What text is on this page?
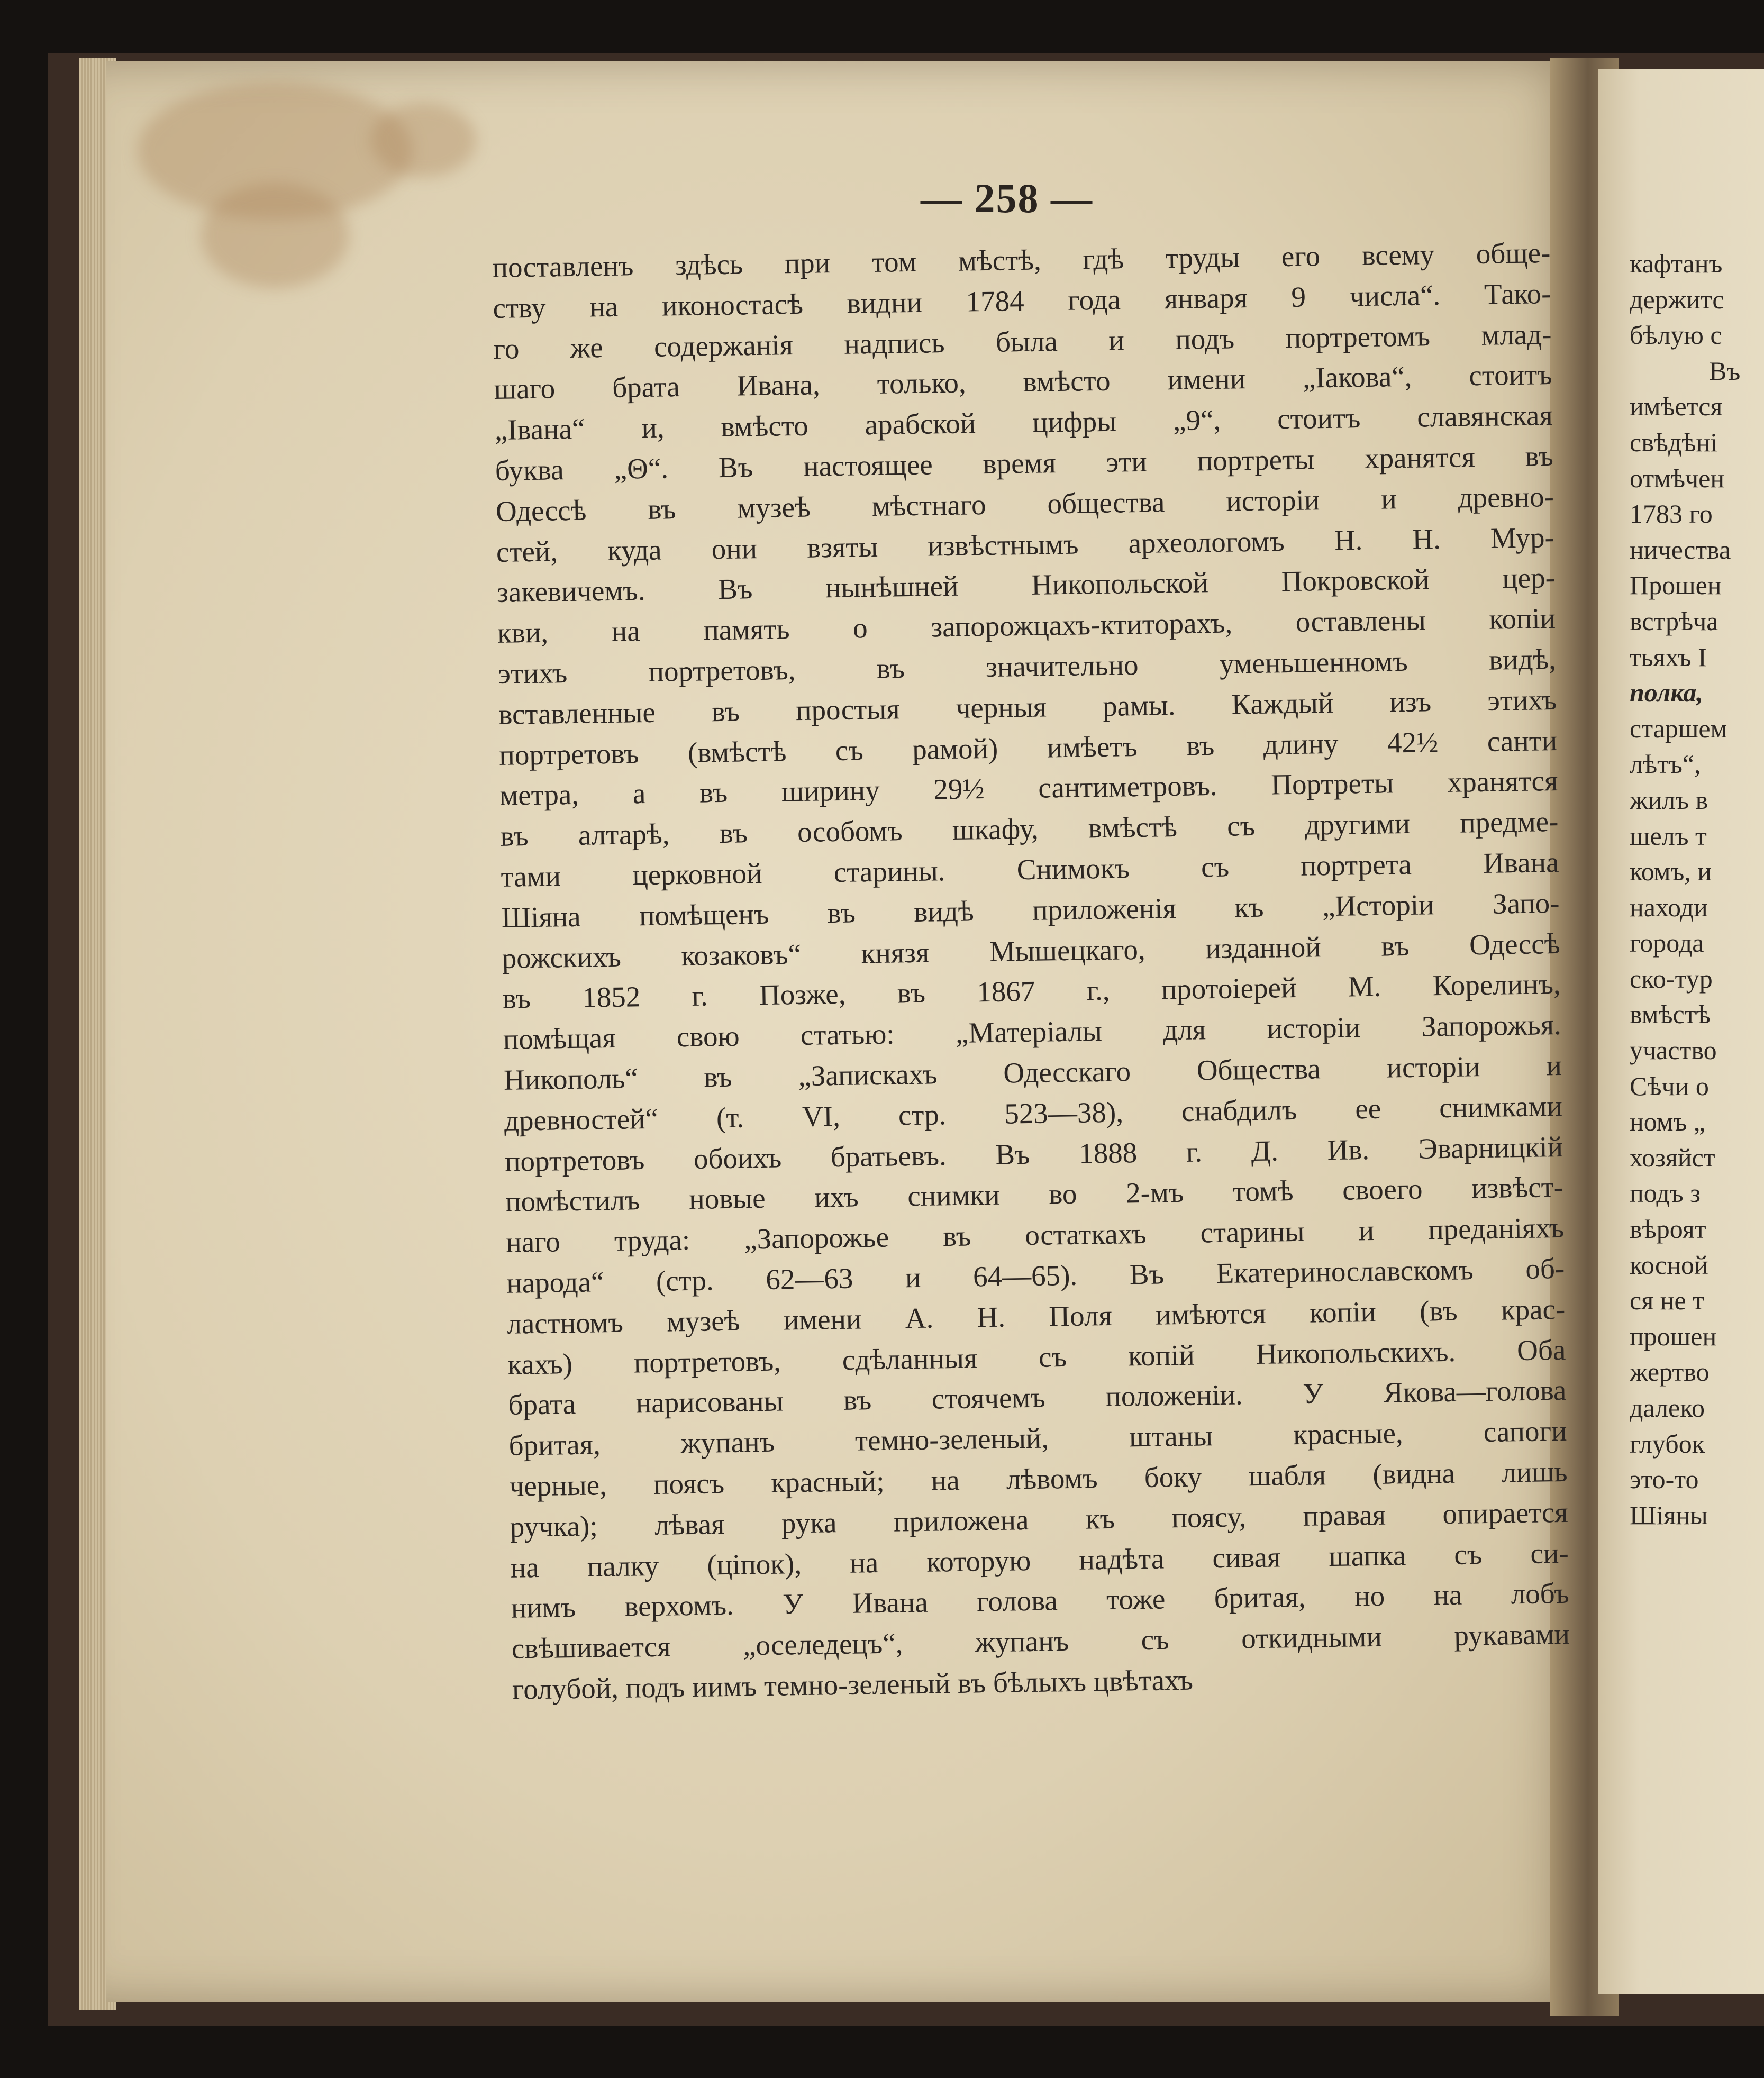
— 258 —
поставленъ здѣсь при том мѣстѣ, гдѣ труды его всему обще-
ству на иконостасѣ видни 1784 года января 9 числа“. Тако-
го же содержанія надпись была и подъ портретомъ млад-
шаго брата Ивана, только, вмѣсто имени „Іакова“, стоитъ
„Івана“ и, вмѣсто арабской цифры „9“, стоитъ славянская
буква „Θ“. Въ настоящее время эти портреты хранятся въ
Одессѣ въ музеѣ мѣстнаго общества исторіи и древно-
стей, куда они взяты извѣстнымъ археологомъ Н. Н. Мур-
закевичемъ. Въ нынѣшней Никопольской Покровской цер-
кви, на память о запорожцахъ-ктиторахъ, оставлены копіи
этихъ портретовъ, въ значительно уменьшенномъ видѣ,
вставленные въ простыя черныя рамы. Каждый изъ этихъ
портретовъ (вмѣстѣ съ рамой) имѣетъ въ длину 42½ санти
метра, а въ ширину 29½ сантиметровъ. Портреты хранятся
въ алтарѣ, въ особомъ шкафу, вмѣстѣ съ другими предме-
тами церковной старины. Снимокъ съ портрета Ивана
Шіяна помѣщенъ въ видѣ приложенія къ „Исторіи Запо-
рожскихъ козаковъ“ князя Мышецкаго, изданной въ Одессѣ
въ 1852 г. Позже, въ 1867 г., протоіерей М. Корелинъ,
помѣщая свою статью: „Матеріалы для исторіи Запорожья.
Никополь“ въ „Запискахъ Одесскаго Общества исторіи и
древностей“ (т. VI, стр. 523—38), снабдилъ ее снимками
портретовъ обоихъ братьевъ. Въ 1888 г. Д. Ив. Эварницкій
помѣстилъ новые ихъ снимки во 2-мъ томѣ своего извѣст-
наго труда: „Запорожье въ остаткахъ старины и преданіяхъ
народа“ (стр. 62—63 и 64—65). Въ Екатеринославскомъ об-
ластномъ музеѣ имени А. Н. Поля имѣются копіи (въ крас-
кахъ) портретовъ, сдѣланныя съ копій Никопольскихъ. Оба
брата нарисованы въ стоячемъ положеніи. У Якова—голова
бритая, жупанъ темно-зеленый, штаны красные, сапоги
черные, поясъ красный; на лѣвомъ боку шабля (видна лишь
ручка); лѣвая рука приложена къ поясу, правая опирается
на палку (ціпок), на которую надѣта сивая шапка съ си-
нимъ верхомъ. У Ивана голова тоже бритая, но на лобъ
свѣшивается „оселедецъ“, жупанъ съ откидными рукавами
голубой, подъ иимъ темно-зеленый въ бѣлыхъ цвѣтахъ
кафтанъ
держитс
бѣлую с
Въ
имѣется
свѣдѣні
отмѣчен
1783 го
ничества
Прошен
встрѣча
тьяхъ І
полка,
старшем
лѣтъ“,
жилъ в
шелъ т
комъ, и
находи
города
ско-тур
вмѣстѣ
участво
Сѣчи о
номъ „
хозяйст
подъ з
вѣроят
косной
ся не т
прошен
жертво
далеко
глубок
это-то
Шіяны
